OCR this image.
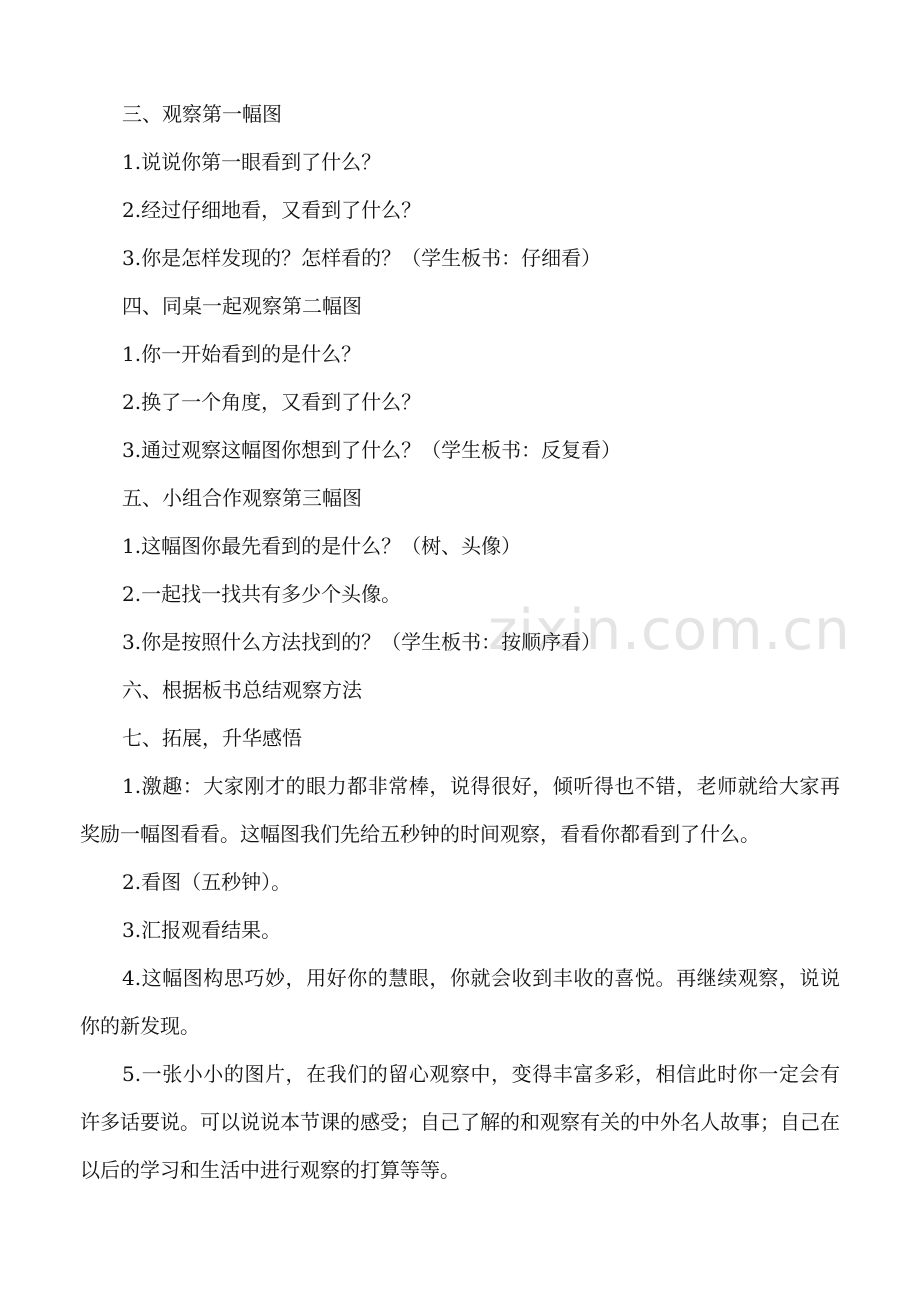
zixin.com.cn
三、观察第一幅图
1.说说你第一眼看到了什么？
2.经过仔细地看，又看到了什么？
3.你是怎样发现的？怎样看的？（学生板书：仔细看）
四、同桌一起观察第二幅图
1.你一开始看到的是什么？
2.换了一个角度，又看到了什么？
3.通过观察这幅图你想到了什么？（学生板书：反复看）
五、小组合作观察第三幅图
1.这幅图你最先看到的是什么？（树、头像）
2.一起找一找共有多少个头像。
3.你是按照什么方法找到的？（学生板书：按顺序看）
六、根据板书总结观察方法
七、拓展，升华感悟
1.激趣：大家刚才的眼力都非常棒，说得很好，倾听得也不错，老师就给大家再奖励一幅图看看。这幅图我们先给五秒钟的时间观察，看看你都看到了什么。
2.看图（五秒钟）。
3.汇报观看结果。
4.这幅图构思巧妙，用好你的慧眼，你就会收到丰收的喜悦。再继续观察，说说你的新发现。
5.一张小小的图片，在我们的留心观察中，变得丰富多彩，相信此时你一定会有许多话要说。可以说说本节课的感受；自己了解的和观察有关的中外名人故事；自己在以后的学习和生活中进行观察的打算等等。
